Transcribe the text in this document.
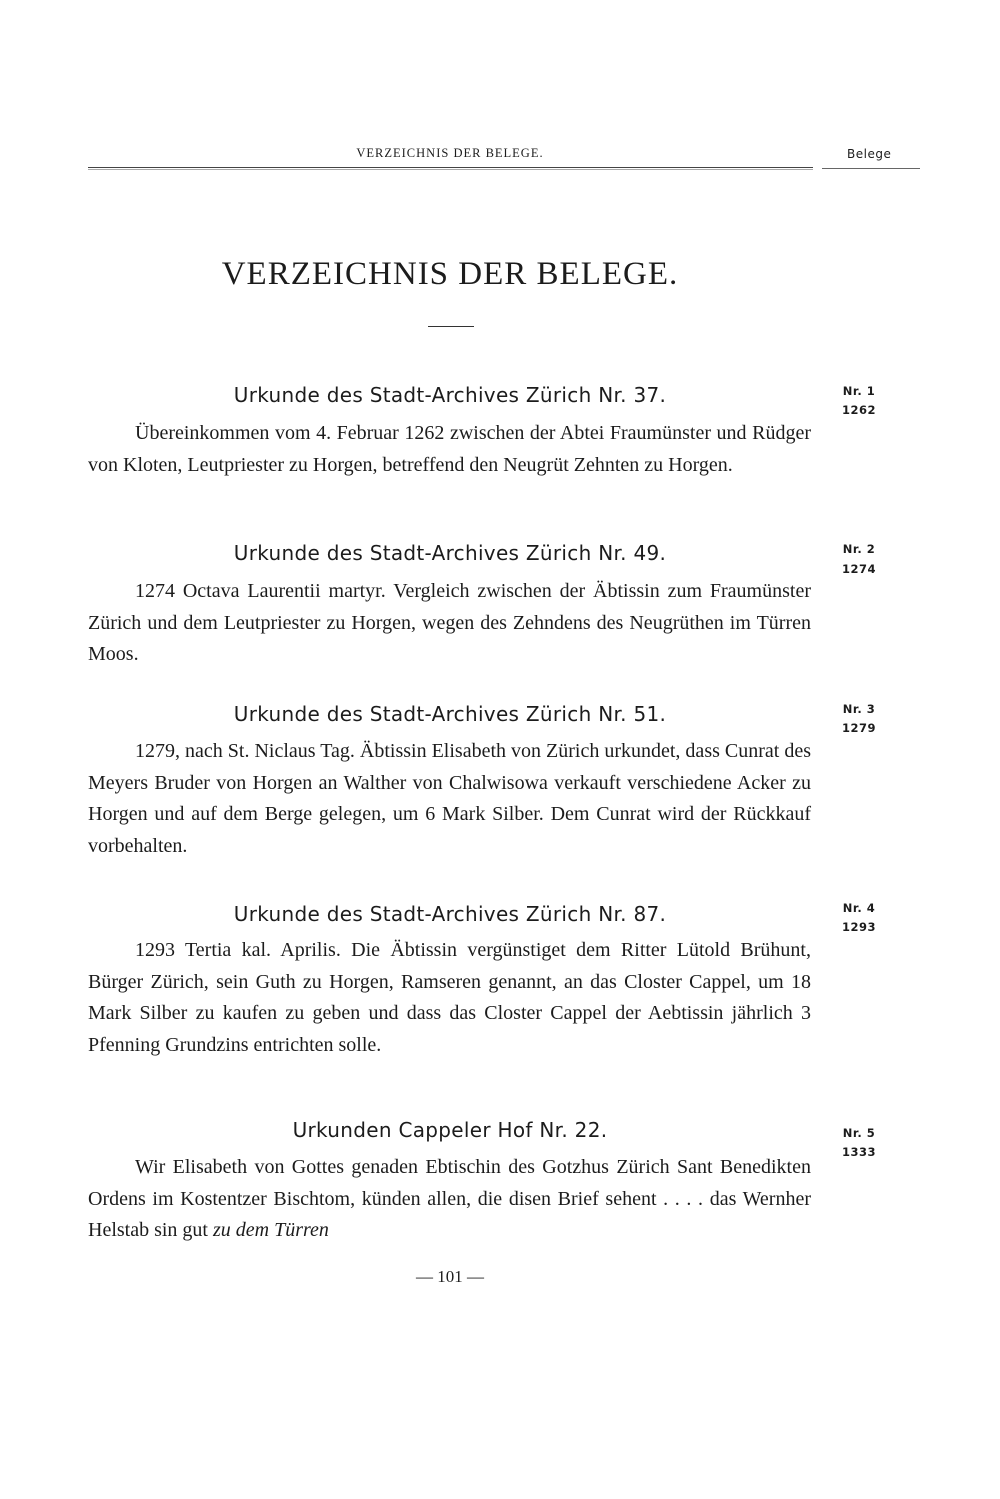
VERZEICHNIS DER BELEGE.	Belege
VERZEICHNIS DER BELEGE.
Urkunde des Stadt-Archives Zürich Nr. 37.

Übereinkommen vom 4. Februar 1262 zwischen der Abtei Fraumünster und Rüdger von Kloten, Leutpriester zu Horgen, betreffend den Neugrüt Zehnten zu Horgen.

Nr. 1
1262
Urkunde des Stadt-Archives Zürich Nr. 49.

1274 Octava Laurentii martyr. Vergleich zwischen der Äbtissin zum Fraumünster Zürich und dem Leutpriester zu Horgen, wegen des Zehndens des Neugrüthen im Türren Moos.

Nr. 2
1274
Urkunde des Stadt-Archives Zürich Nr. 51.

1279, nach St. Niclaus Tag. Äbtissin Elisabeth von Zürich urkundet, dass Cunrat des Meyers Bruder von Horgen an Walther von Chalwisowa verkauft verschiedene Acker zu Horgen und auf dem Berge gelegen, um 6 Mark Silber. Dem Cunrat wird der Rückkauf vorbehalten.

Nr. 3
1279
Urkunde des Stadt-Archives Zürich Nr. 87.

1293 Tertia kal. Aprilis. Die Äbtissin vergünstiget dem Ritter Lütold Brühunt, Bürger Zürich, sein Guth zu Horgen, Ramseren genannt, an das Closter Cappel, um 18 Mark Silber zu kaufen zu geben und dass das Closter Cappel der Aebtissin jährlich 3 Pfenning Grundzins entrichten solle.

Nr. 4
1293
Urkunden Cappeler Hof Nr. 22.

Wir Elisabeth von Gottes genaden Ebtischin des Gotzhus Zürich Sant Benedikten Ordens im Kostentzer Bischtom, künden allen, die disen Brief sehent . . . . das Wernher Helstab sin gut zu dem Türren

Nr. 5
1333
— 101 —
